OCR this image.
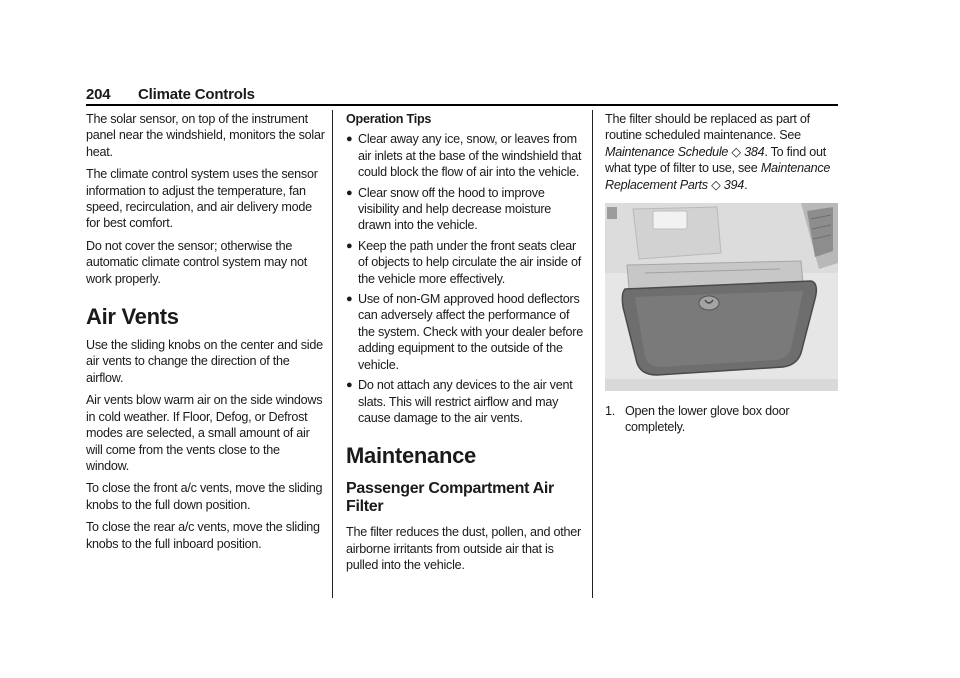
204 Climate Controls

The solar sensor, on top of the instrument panel near the windshield, monitors the solar heat.

The climate control system uses the sensor information to adjust the temperature, fan speed, recirculation, and air delivery mode for best comfort.

Do not cover the sensor; otherwise the automatic climate control system may not work properly.

Air Vents

Use the sliding knobs on the center and side air vents to change the direction of the airflow.

Air vents blow warm air on the side windows in cold weather. If Floor, Defog, or Defrost modes are selected, a small amount of air will come from the vents close to the window.

To close the front a/c vents, move the sliding knobs to the full down position.

To close the rear a/c vents, move the sliding knobs to the full inboard position.

Operation Tips
● Clear away any ice, snow, or leaves from air inlets at the base of the windshield that could block the flow of air into the vehicle.
● Clear snow off the hood to improve visibility and help decrease moisture drawn into the vehicle.
● Keep the path under the front seats clear of objects to help circulate the air inside of the vehicle more effectively.
● Use of non-GM approved hood deflectors can adversely affect the performance of the system. Check with your dealer before adding equipment to the outside of the vehicle.
● Do not attach any devices to the air vent slats. This will restrict airflow and may cause damage to the air vents.
Maintenance
Passenger Compartment Air Filter

The filter reduces the dust, pollen, and other airborne irritants from outside air that is pulled into the vehicle.

The filter should be replaced as part of routine scheduled maintenance. See Maintenance Schedule ◇ 384. To find out what type of filter to use, see Maintenance Replacement Parts ◇ 394.

1. Open the lower glove box door completely.
